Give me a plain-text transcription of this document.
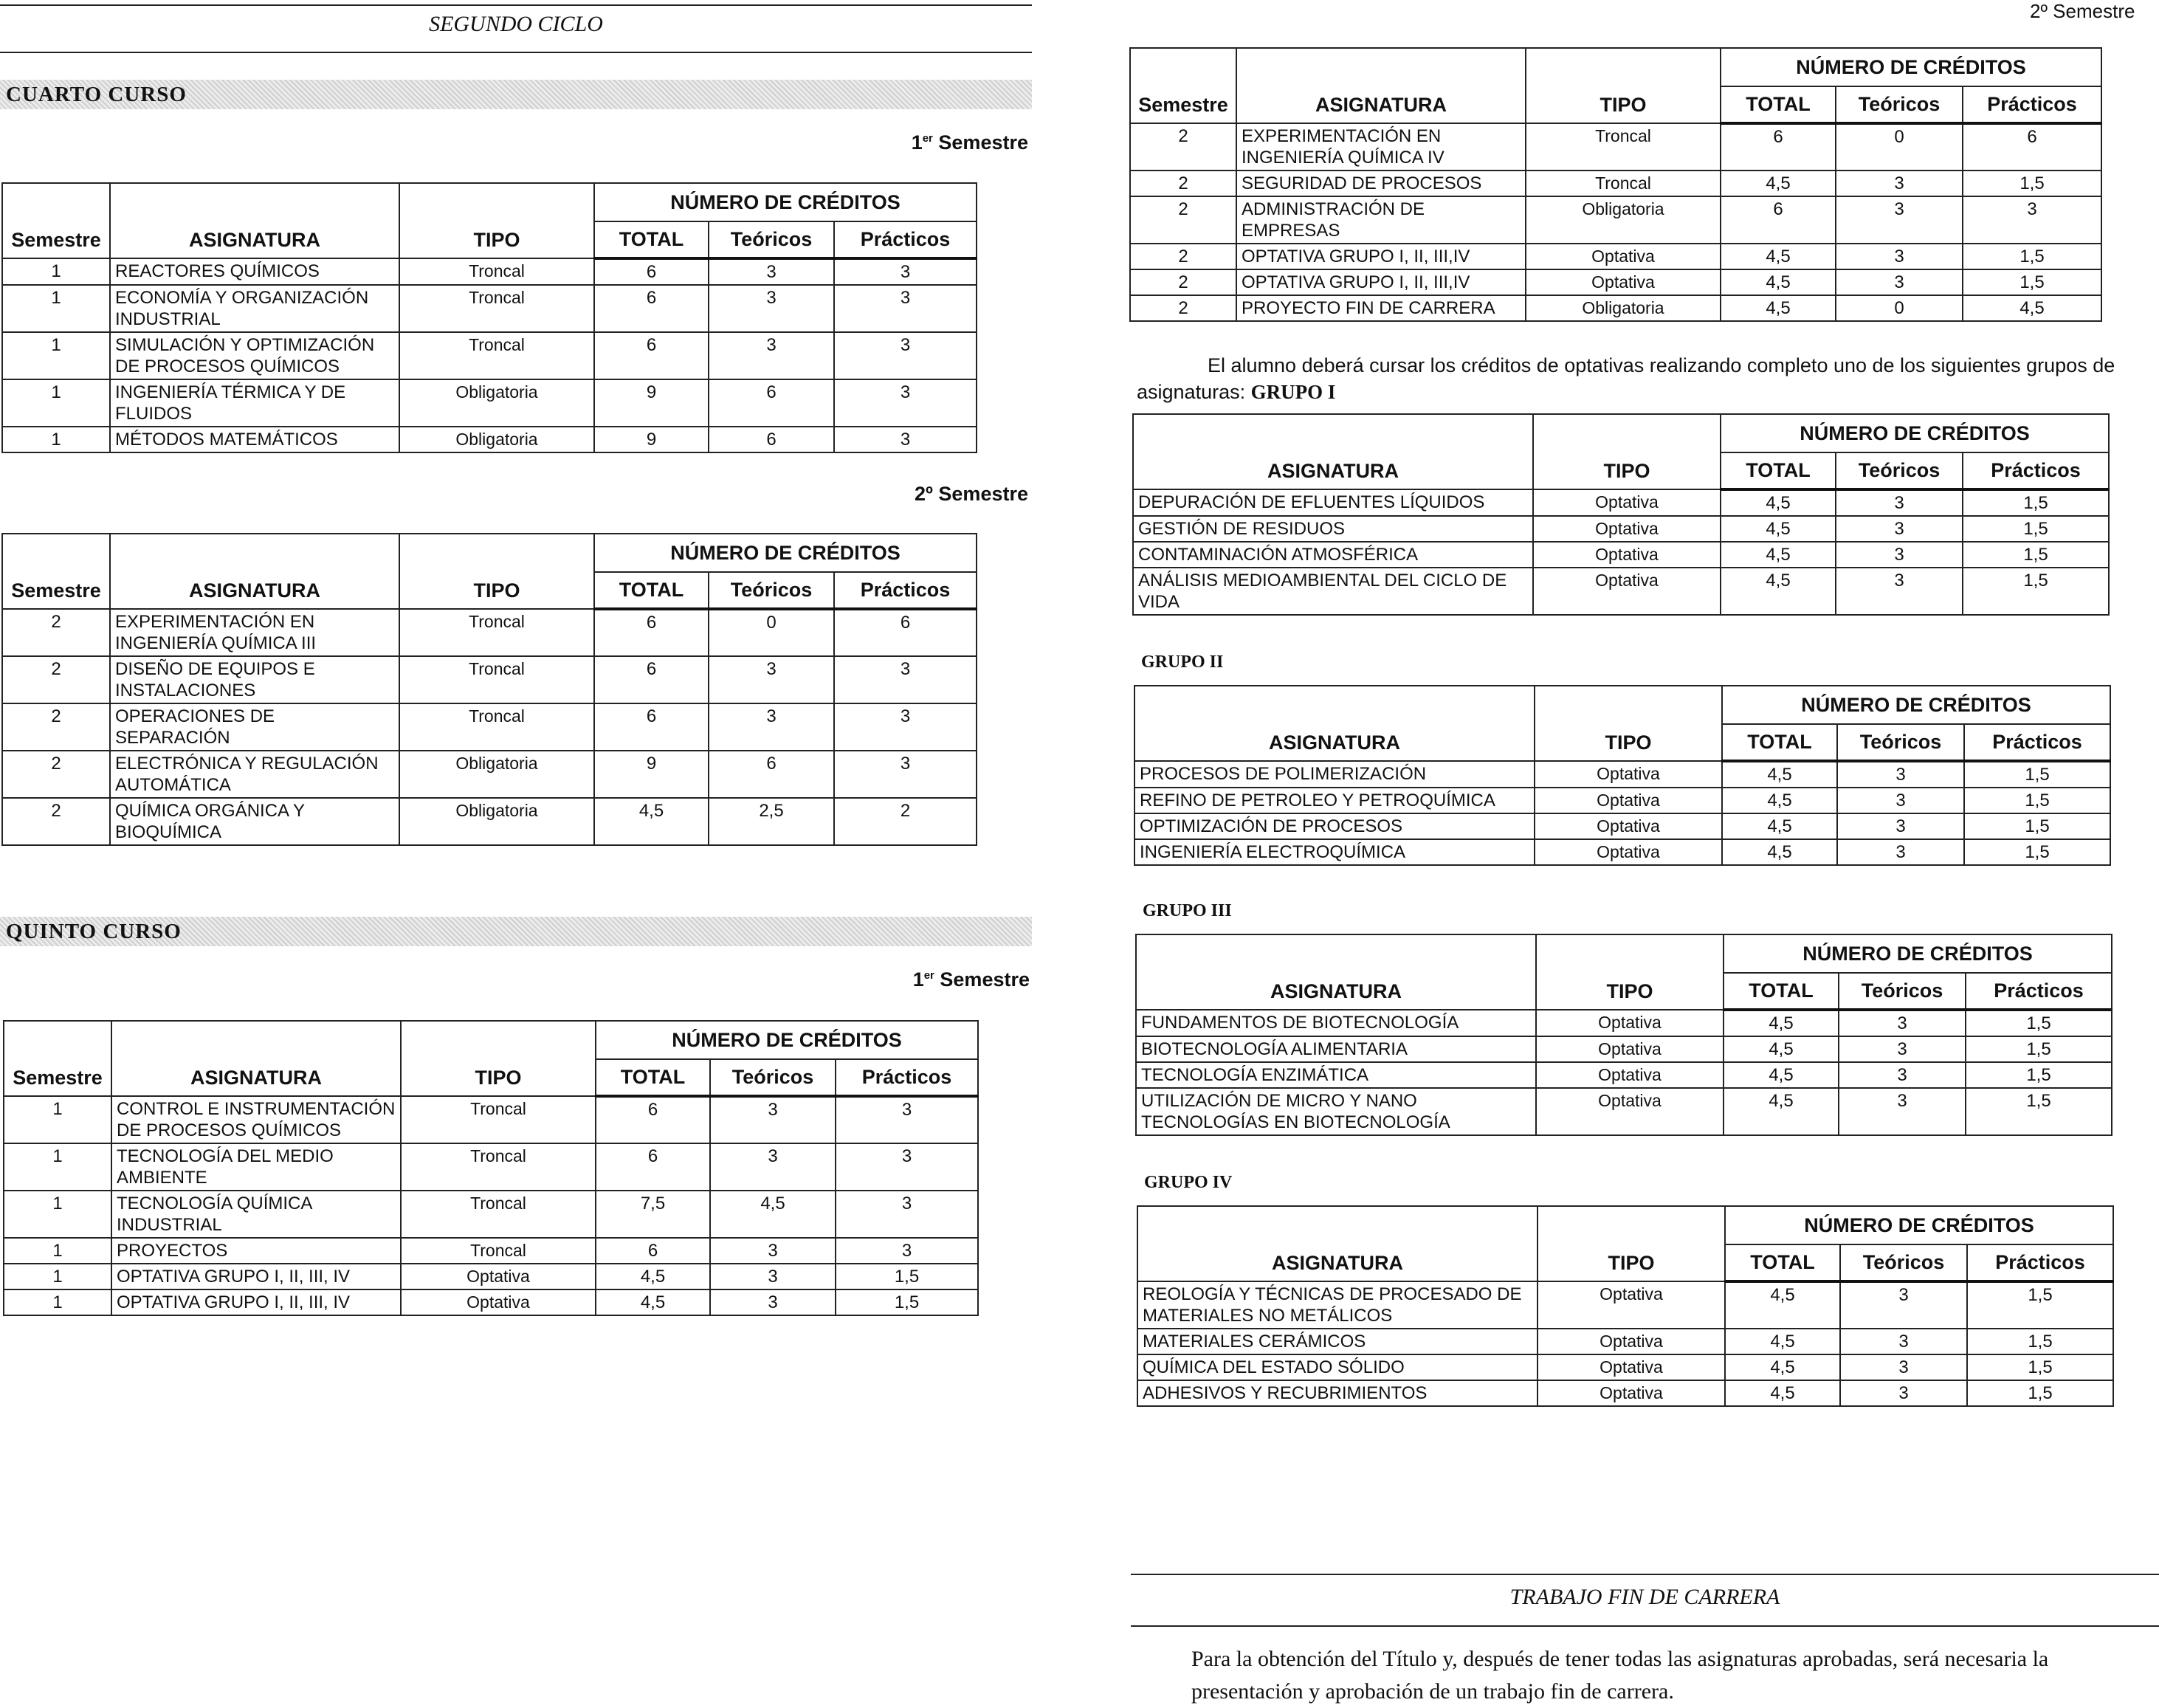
SEGUNDO CICLO
CUARTO CURSO
1er Semestre
Semestre	ASIGNATURA	TIPO	NÚMERO DE CRÉDITOS		
			TOTAL	Teóricos	Prácticos
1	REACTORES QUÍMICOS	Troncal	6	3	3
1	ECONOMÍA Y ORGANIZACIÓN INDUSTRIAL	Troncal	6	3	3
1	SIMULACIÓN Y OPTIMIZACIÓN DE PROCESOS QUÍMICOS	Troncal	6	3	3
1	INGENIERÍA TÉRMICA Y DE FLUIDOS	Obligatoria	9	6	3
1	MÉTODOS MATEMÁTICOS	Obligatoria	9	6	3
2º Semestre
Semestre	ASIGNATURA	TIPO	NÚMERO DE CRÉDITOS		
			TOTAL	Teóricos	Prácticos
2	EXPERIMENTACIÓN EN INGENIERÍA QUÍMICA III	Troncal	6	0	6
2	DISEÑO DE EQUIPOS E INSTALACIONES	Troncal	6	3	3
2	OPERACIONES DE SEPARACIÓN	Troncal	6	3	3
2	ELECTRÓNICA Y REGULACIÓN AUTOMÁTICA	Obligatoria	9	6	3
2	QUÍMICA ORGÁNICA Y BIOQUÍMICA	Obligatoria	4,5	2,5	2
QUINTO CURSO
1er Semestre
Semestre	ASIGNATURA	TIPO	NÚMERO DE CRÉDITOS		
			TOTAL	Teóricos	Prácticos
1	CONTROL E INSTRUMENTACIÓN DE PROCESOS QUÍMICOS	Troncal	6	3	3
1	TECNOLOGÍA DEL MEDIO AMBIENTE	Troncal	6	3	3
1	TECNOLOGÍA QUÍMICA INDUSTRIAL	Troncal	7,5	4,5	3
1	PROYECTOS	Troncal	6	3	3
1	OPTATIVA GRUPO I, II, III, IV	Optativa	4,5	3	1,5
1	OPTATIVA GRUPO I, II, III, IV	Optativa	4,5	3	1,5
2º Semestre
Semestre	ASIGNATURA	TIPO	NÚMERO DE CRÉDITOS		
			TOTAL	Teóricos	Prácticos
2	EXPERIMENTACIÓN EN INGENIERÍA QUÍMICA IV	Troncal	6	0	6
2	SEGURIDAD DE PROCESOS	Troncal	4,5	3	1,5
2	ADMINISTRACIÓN DE EMPRESAS	Obligatoria	6	3	3
2	OPTATIVA GRUPO I, II, III,IV	Optativa	4,5	3	1,5
2	OPTATIVA GRUPO I, II, III,IV	Optativa	4,5	3	1,5
2	PROYECTO FIN DE CARRERA	Obligatoria	4,5	0	4,5
El alumno deberá cursar los créditos de optativas realizando completo uno de los siguientes grupos de asignaturas: GRUPO I
ASIGNATURA	TIPO	NÚMERO DE CRÉDITOS		
		TOTAL	Teóricos	Prácticos
DEPURACIÓN DE EFLUENTES LÍQUIDOS	Optativa	4,5	3	1,5
GESTIÓN DE RESIDUOS	Optativa	4,5	3	1,5
CONTAMINACIÓN ATMOSFÉRICA	Optativa	4,5	3	1,5
ANÁLISIS MEDIOAMBIENTAL DEL CICLO DE VIDA	Optativa	4,5	3	1,5
GRUPO II
ASIGNATURA	TIPO	NÚMERO DE CRÉDITOS		
		TOTAL	Teóricos	Prácticos
PROCESOS DE POLIMERIZACIÓN	Optativa	4,5	3	1,5
REFINO DE PETROLEO Y PETROQUÍMICA	Optativa	4,5	3	1,5
OPTIMIZACIÓN DE PROCESOS	Optativa	4,5	3	1,5
INGENIERÍA ELECTROQUÍMICA	Optativa	4,5	3	1,5
GRUPO III
ASIGNATURA	TIPO	NÚMERO DE CRÉDITOS		
		TOTAL	Teóricos	Prácticos
FUNDAMENTOS DE BIOTECNOLOGÍA	Optativa	4,5	3	1,5
BIOTECNOLOGÍA ALIMENTARIA	Optativa	4,5	3	1,5
TECNOLOGÍA ENZIMÁTICA	Optativa	4,5	3	1,5
UTILIZACIÓN DE MICRO Y NANO TECNOLOGÍAS EN BIOTECNOLOGÍA	Optativa	4,5	3	1,5
GRUPO IV
ASIGNATURA	TIPO	NÚMERO DE CRÉDITOS		
		TOTAL	Teóricos	Prácticos
REOLOGÍA Y TÉCNICAS DE PROCESADO DE MATERIALES NO METÁLICOS	Optativa	4,5	3	1,5
MATERIALES CERÁMICOS	Optativa	4,5	3	1,5
QUÍMICA DEL ESTADO SÓLIDO	Optativa	4,5	3	1,5
ADHESIVOS Y RECUBRIMIENTOS	Optativa	4,5	3	1,5
TRABAJO FIN DE CARRERA
Para la obtención del Título y, después de tener todas las asignaturas aprobadas, será necesaria la presentación y aprobación de un trabajo fin de carrera.
